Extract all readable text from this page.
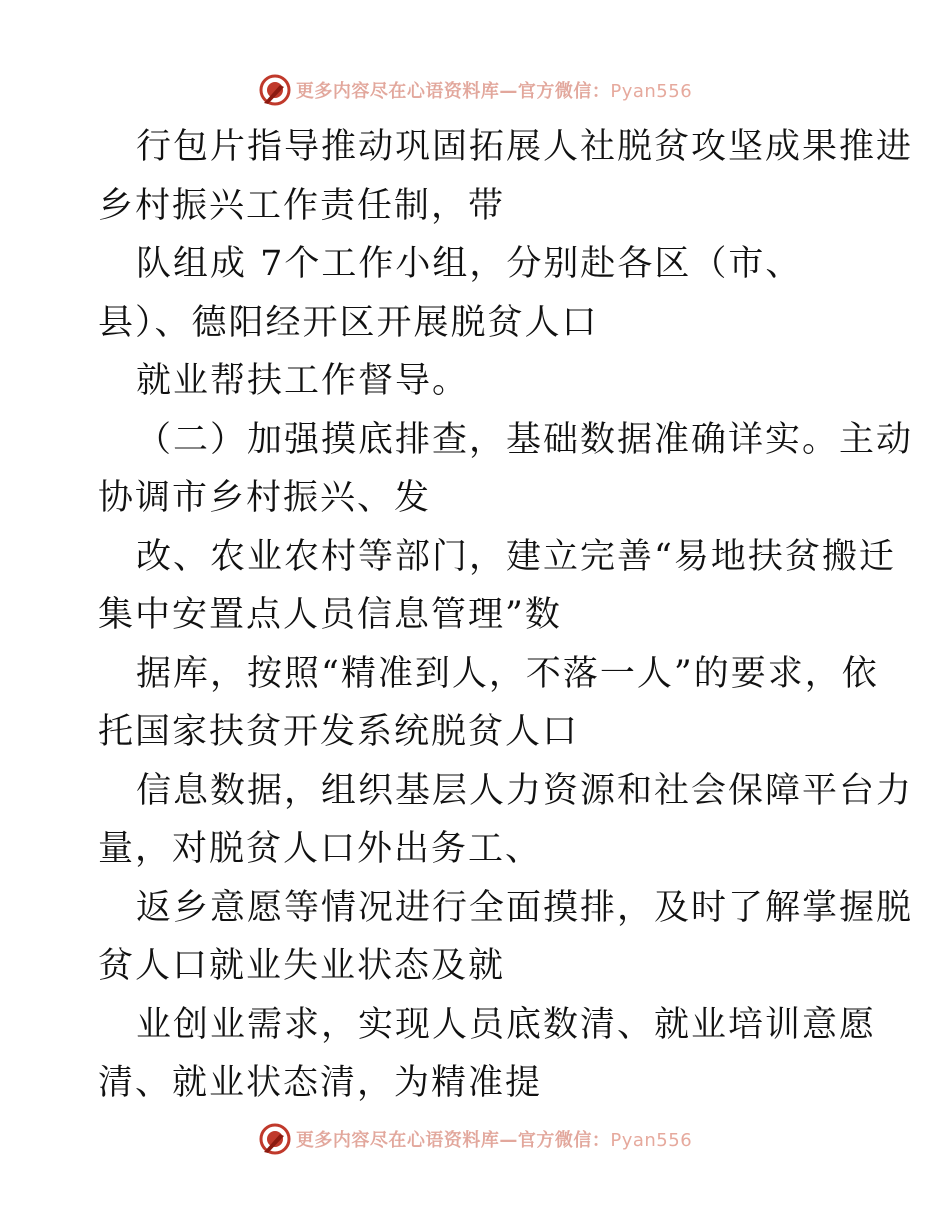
更多内容尽在心语资料库—官方微信：Pyan556
行包片指导推动巩固拓展人社脱贫攻坚成果推进
乡村振兴工作责任制，带
队组成 7个工作小组，分别赴各区（市、
县）、德阳经开区开展脱贫人口
就业帮扶工作督导。
（二）加强摸底排查，基础数据准确详实。主动
协调市乡村振兴、发
改、农业农村等部门，建立完善“易地扶贫搬迁
集中安置点人员信息管理”数
据库，按照“精准到人，不落一人”的要求，依
托国家扶贫开发系统脱贫人口
信息数据，组织基层人力资源和社会保障平台力
量，对脱贫人口外出务工、
返乡意愿等情况进行全面摸排，及时了解掌握脱
贫人口就业失业状态及就
业创业需求，实现人员底数清、就业培训意愿
清、就业状态清，为精准提
更多内容尽在心语资料库—官方微信：Pyan556
